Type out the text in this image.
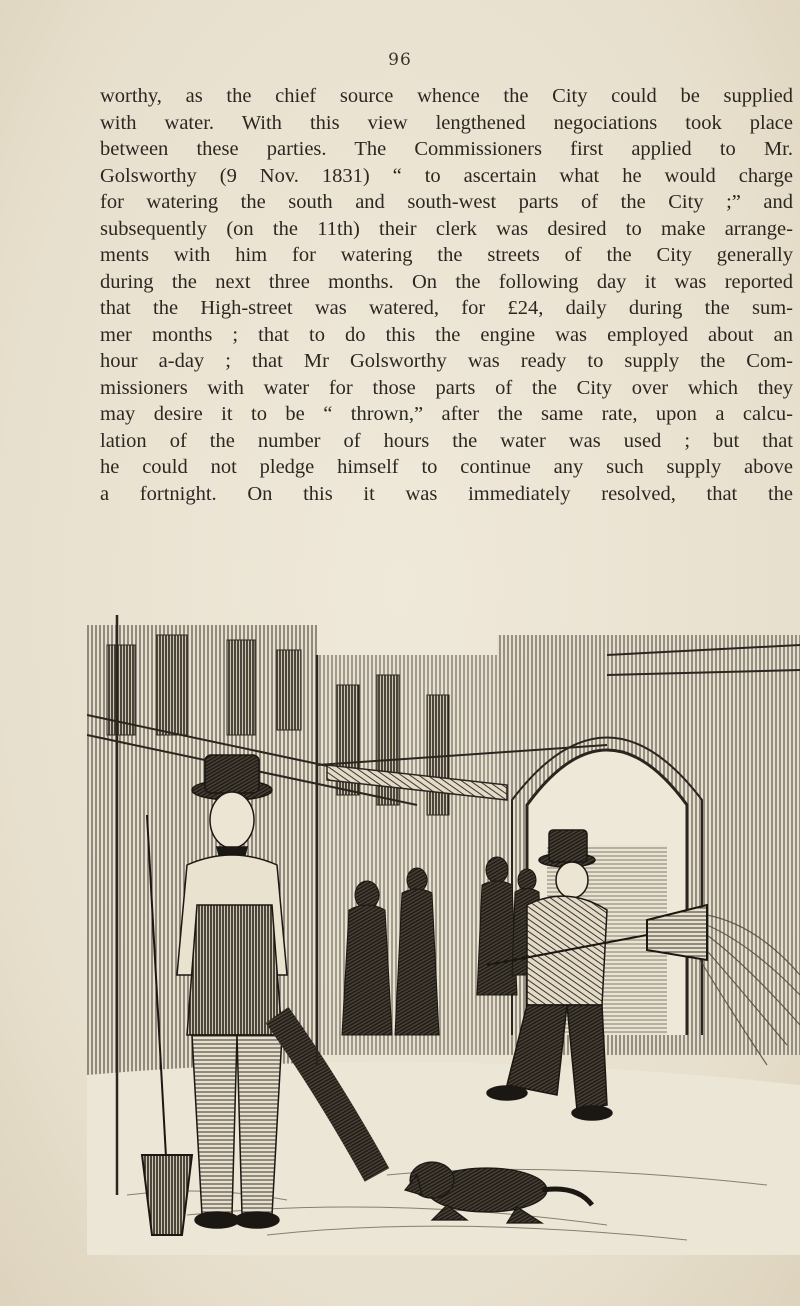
96
worthy, as the chief source whence the City could be supplied
with water. With this view lengthened negociations took place
between these parties. The Commissioners first applied to Mr.
Golsworthy (9 Nov. 1831) “ to ascertain what he would charge
for watering the south and south-west parts of the City ;” and
subsequently (on the 11th) their clerk was desired to make arrange-
ments with him for watering the streets of the City generally
during the next three months. On the following day it was reported
that the High-street was watered, for £24, daily during the sum-
mer months ; that to do this the engine was employed about an
hour a-day ; that Mr Golsworthy was ready to supply the Com-
missioners with water for those parts of the City over which they
may desire it to be “ thrown,” after the same rate, upon a calcu-
lation of the number of hours the water was used ; but that
he could not pledge himself to continue any such supply above
a fortnight. On this it was immediately resolved, that the
